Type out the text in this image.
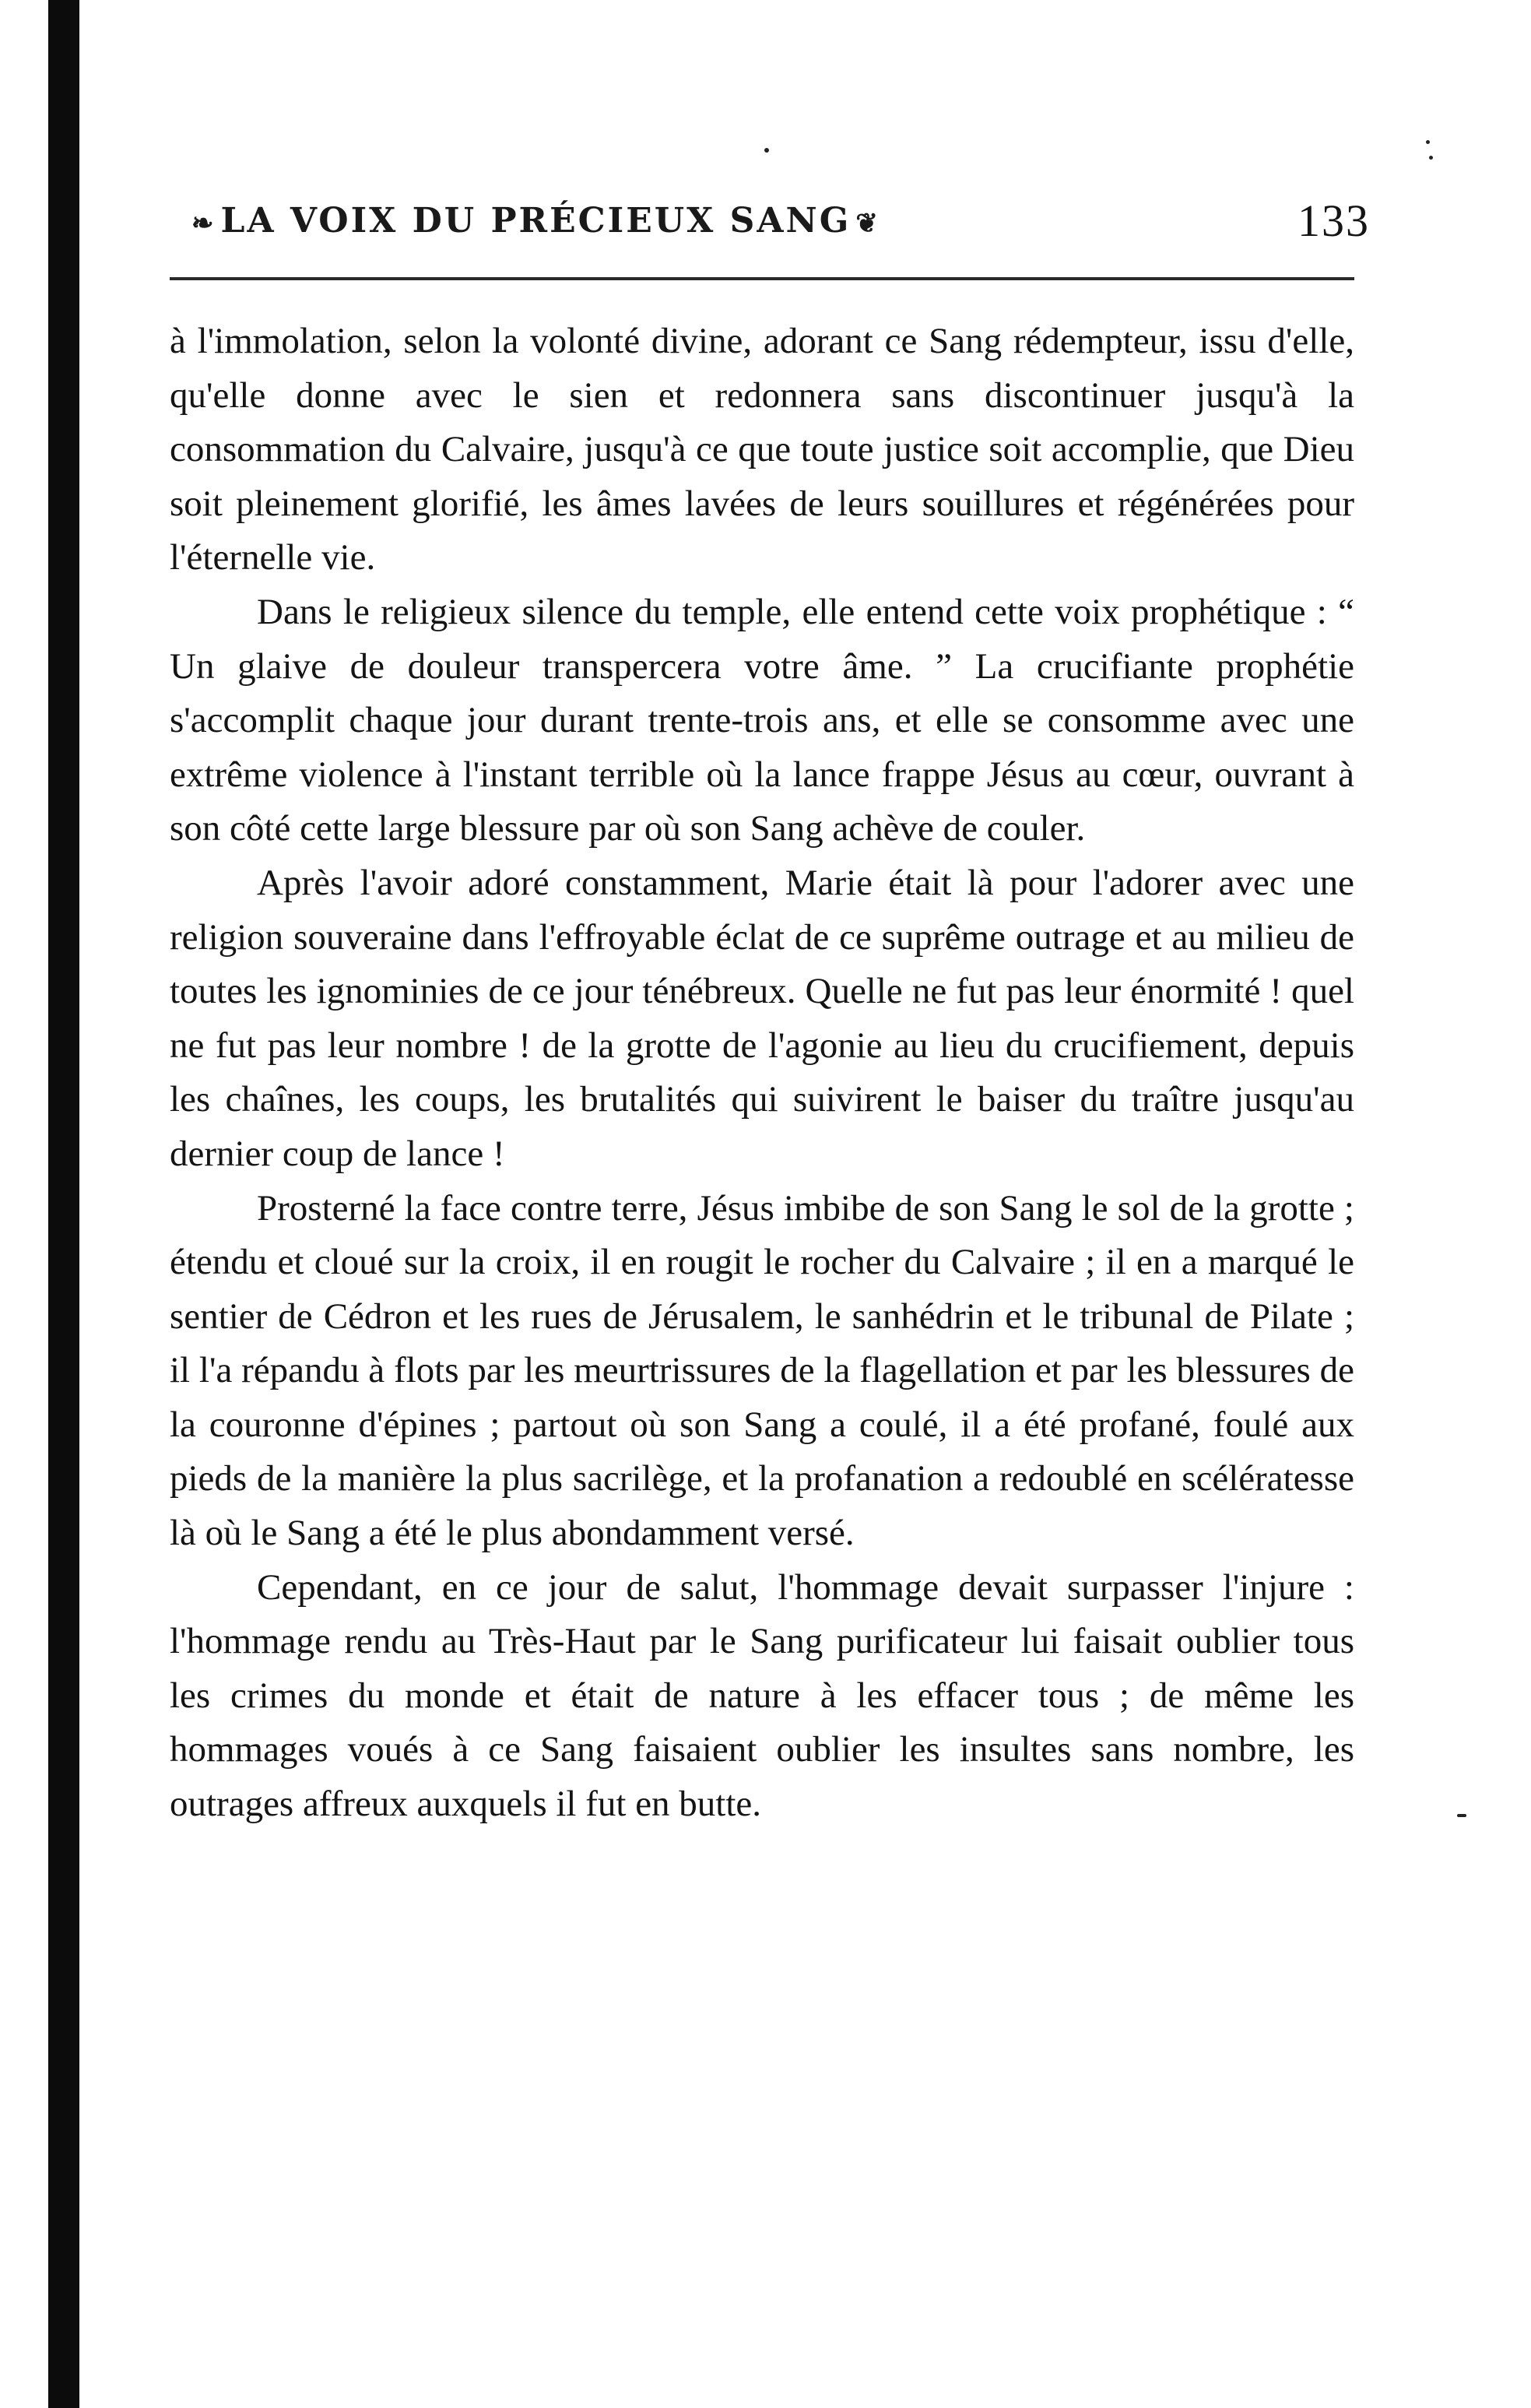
❧ LA VOIX DU PRÉCIEUX SANG ❦	133

à l'immolation, selon la volonté divine, adorant ce Sang rédempteur, issu d'elle, qu'elle donne avec le sien et redonnera sans discontinuer jusqu'à la consommation du Calvaire, jusqu'à ce que toute justice soit accomplie, que Dieu soit pleinement glorifié, les âmes lavées de leurs souillures et régénérées pour l'éternelle vie.

Dans le religieux silence du temple, elle entend cette voix prophétique : “ Un glaive de douleur transpercera votre âme. ” La crucifiante prophétie s'accomplit chaque jour durant trente-trois ans, et elle se consomme avec une extrême violence à l'instant terrible où la lance frappe Jésus au cœur, ouvrant à son côté cette large blessure par où son Sang achève de couler.

Après l'avoir adoré constamment, Marie était là pour l'adorer avec une religion souveraine dans l'effroyable éclat de ce suprême outrage et au milieu de toutes les ignominies de ce jour ténébreux. Quelle ne fut pas leur énormité ! quel ne fut pas leur nombre ! de la grotte de l'agonie au lieu du crucifiement, depuis les chaînes, les coups, les brutalités qui suivirent le baiser du traître jusqu'au dernier coup de lance !

Prosterné la face contre terre, Jésus imbibe de son Sang le sol de la grotte ; étendu et cloué sur la croix, il en rougit le rocher du Calvaire ; il en a marqué le sentier de Cédron et les rues de Jérusalem, le sanhédrin et le tribunal de Pilate ; il l'a répandu à flots par les meurtrissures de la flagellation et par les blessures de la couronne d'épines ; partout où son Sang a coulé, il a été profané, foulé aux pieds de la manière la plus sacrilège, et la profanation a redoublé en scélératesse là où le Sang a été le plus abondamment versé.

Cependant, en ce jour de salut, l'hommage devait surpasser l'injure : l'hommage rendu au Très-Haut par le Sang purificateur lui faisait oublier tous les crimes du monde et était de nature à les effacer tous ; de même les hommages voués à ce Sang faisaient oublier les insultes sans nombre, les outrages affreux auxquels il fut en butte.
